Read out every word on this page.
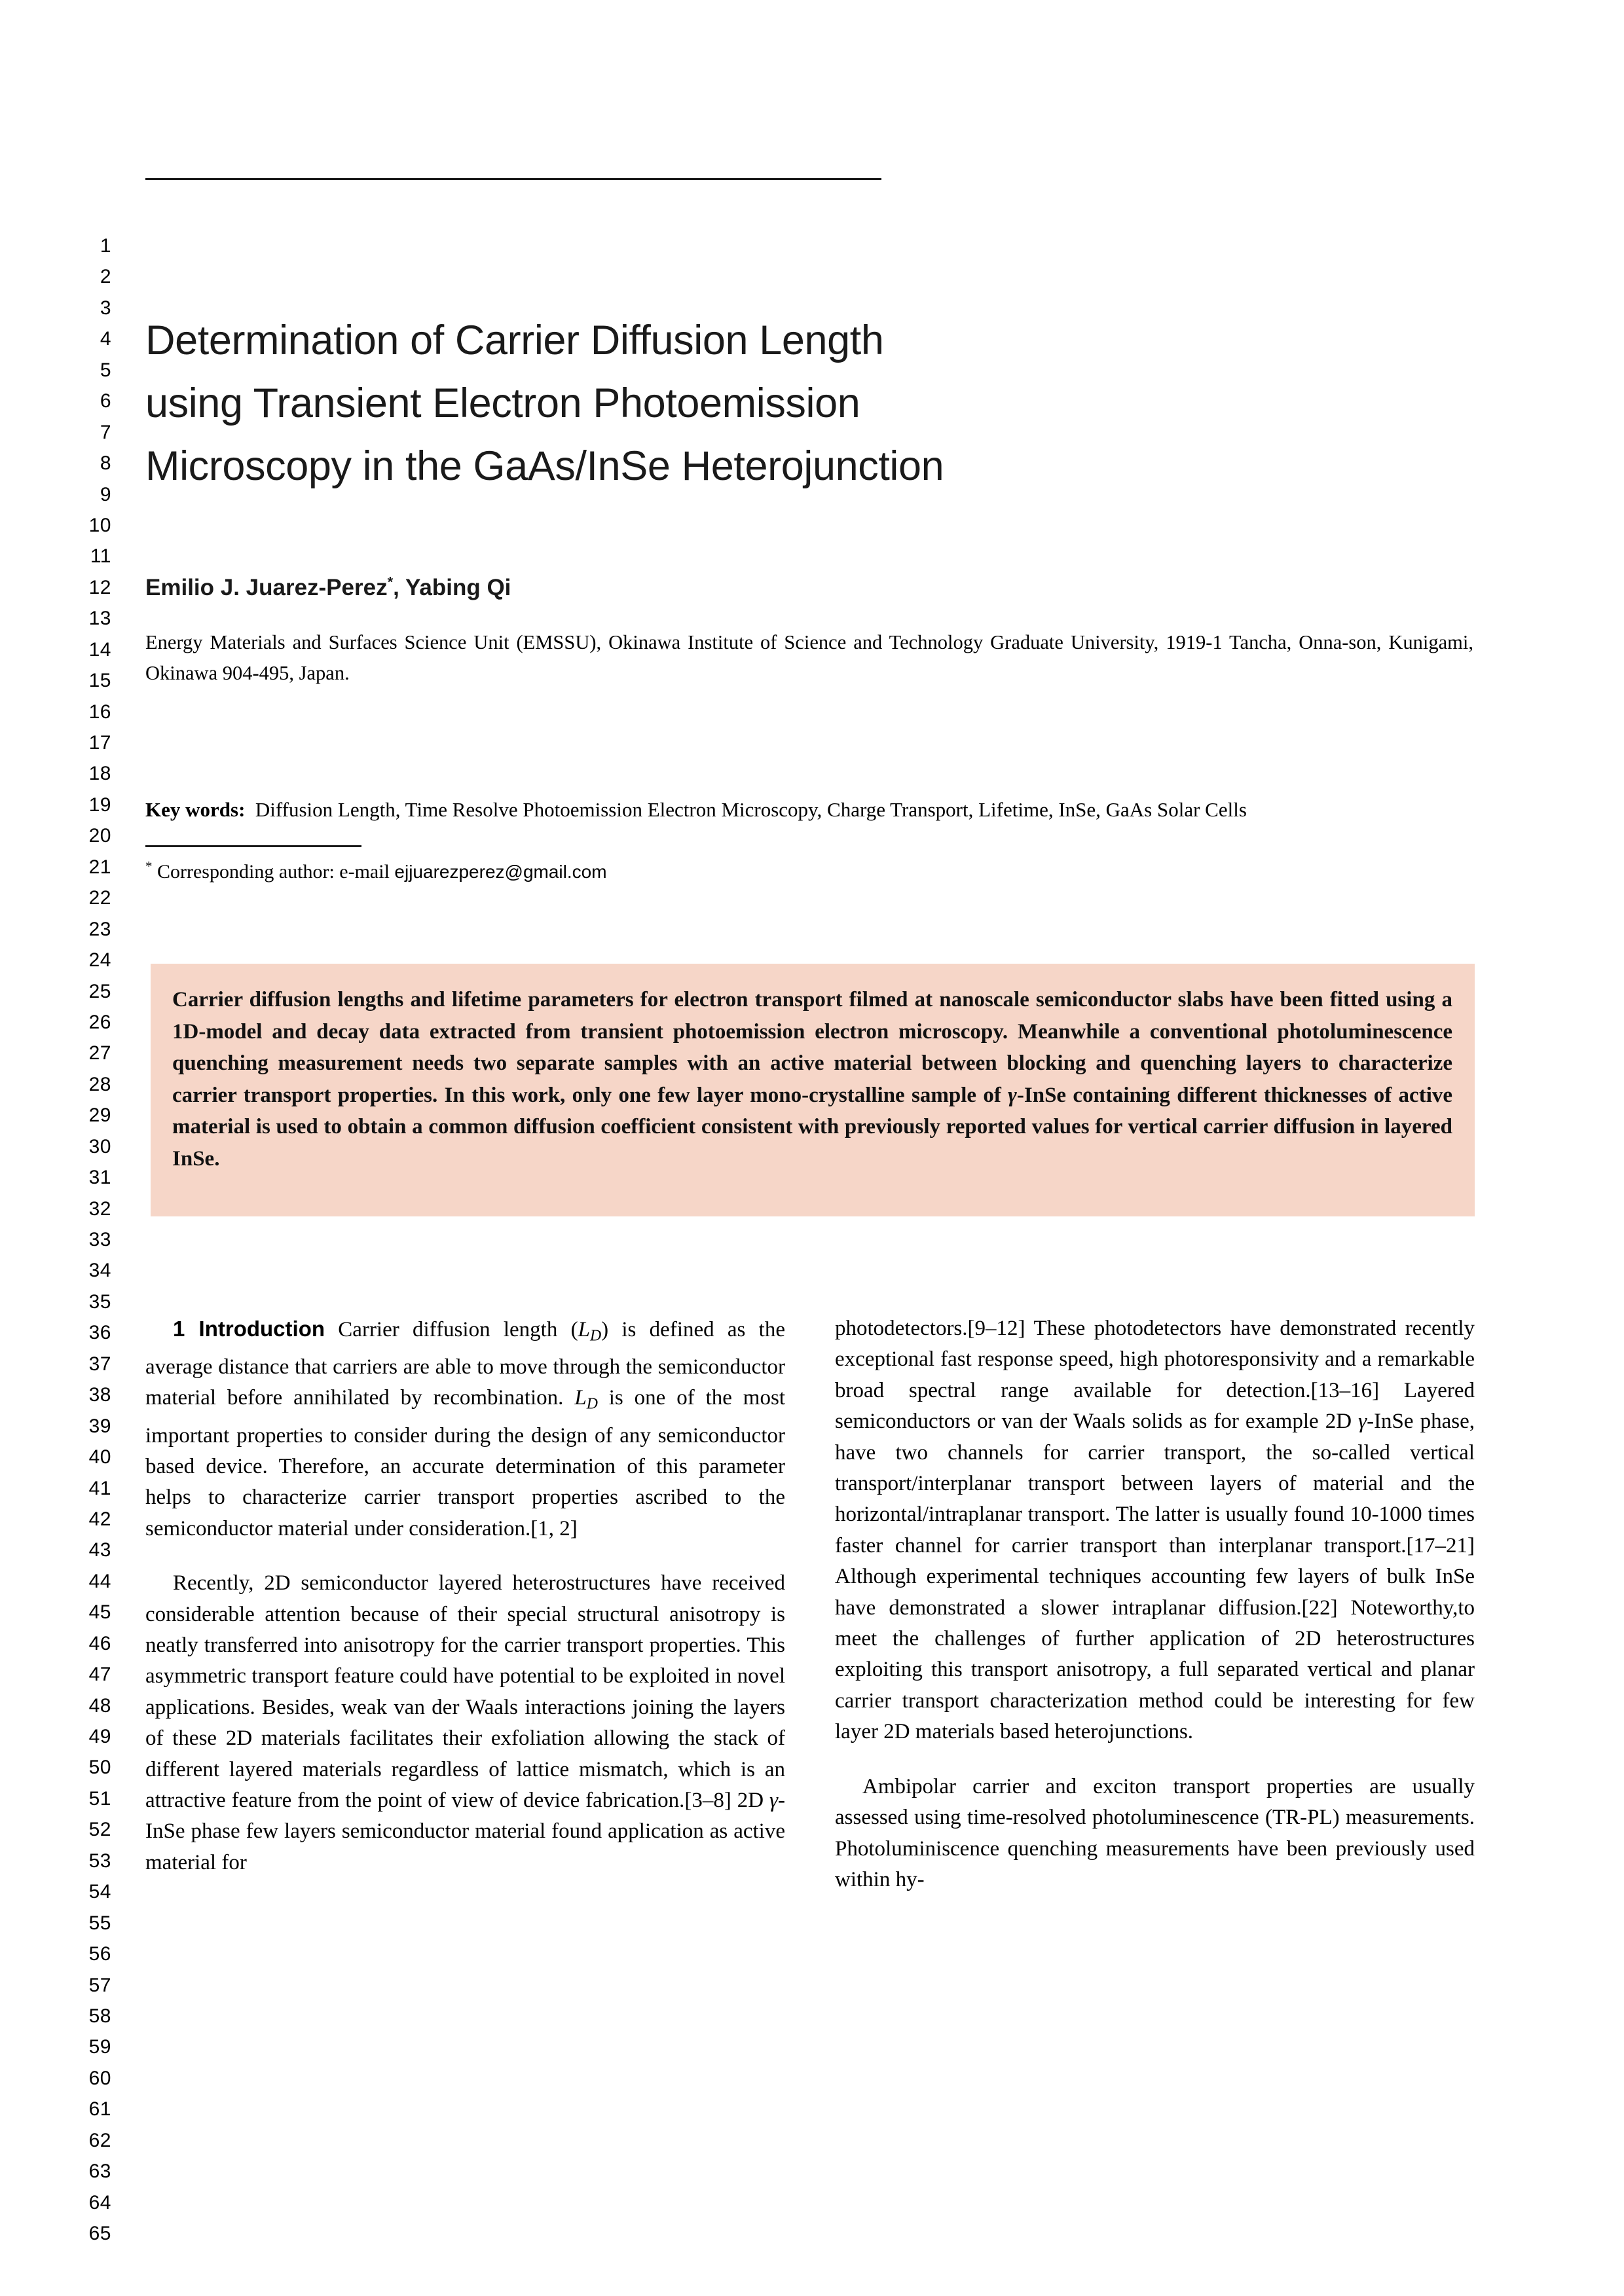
1
2
3
4
5
6
7
8
9
10
11
12
13
14
15
16
17
18
19
20
21
22
23
24
25
26
27
28
29
30
31
32
33
34
35
36
37
38
39
40
41
42
43
44
45
46
47
48
49
50
51
52
53
54
55
56
57
58
59
60
61
62
63
64
65
Determination of Carrier Diffusion Length using Transient Electron Photoemission Microscopy in the GaAs/InSe Heterojunction
Emilio J. Juarez-Perez*, Yabing Qi
Energy Materials and Surfaces Science Unit (EMSSU), Okinawa Institute of Science and Technology Graduate University, 1919-1 Tancha, Onna-son, Kunigami, Okinawa 904-495, Japan.
Key words: Diffusion Length, Time Resolve Photoemission Electron Microscopy, Charge Transport, Lifetime, InSe, GaAs Solar Cells
* Corresponding author: e-mail ejjuarezperez@gmail.com
Carrier diffusion lengths and lifetime parameters for electron transport filmed at nanoscale semiconductor slabs have been fitted using a 1D-model and decay data extracted from transient photoemission electron microscopy. Meanwhile a conventional photoluminescence quenching measurement needs two separate samples with an active material between blocking and quenching layers to characterize carrier transport properties. In this work, only one few layer mono-crystalline sample of γ-InSe containing different thicknesses of active material is used to obtain a common diffusion coefficient consistent with previously reported values for vertical carrier diffusion in layered InSe.

1 Introduction Carrier diffusion length $(L_D)$ is defined as the average distance that carriers are able to move through the semiconductor material before annihilated by recombination. $L_D$ is one of the most important properties to consider during the design of any semiconductor based device. Therefore, an accurate determination of this parameter helps to characterize carrier transport properties ascribed to the semiconductor material under consideration.[1, 2]

Recently, 2D semiconductor layered heterostructures have received considerable attention because of their special structural anisotropy is neatly transferred into anisotropy for the carrier transport properties. This asymmetric transport feature could have potential to be exploited in novel applications. Besides, weak van der Waals interactions joining the layers of these 2D materials facilitates their exfoliation allowing the stack of different layered materials regardless of lattice mismatch, which is an attractive feature from the point of view of device fabrication.[3–8] 2D γ-InSe phase few layers semiconductor material found application as active material for

photodetectors.[9–12] These photodetectors have demonstrated recently exceptional fast response speed, high photoresponsivity and a remarkable broad spectral range available for detection.[13–16] Layered semiconductors or van der Waals solids as for example 2D γ-InSe phase, have two channels for carrier transport, the so-called vertical transport/interplanar transport between layers of material and the horizontal/intraplanar transport. The latter is usually found 10-1000 times faster channel for carrier transport than interplanar transport.[17–21] Although experimental techniques accounting few layers of bulk InSe have demonstrated a slower intraplanar diffusion.[22] Noteworthy,to meet the challenges of further application of 2D heterostructures exploiting this transport anisotropy, a full separated vertical and planar carrier transport characterization method could be interesting for few layer 2D materials based heterojunctions.

Ambipolar carrier and exciton transport properties are usually assessed using time-resolved photoluminescence (TR-PL) measurements. Photoluminiscence quenching measurements have been previously used within hy-
